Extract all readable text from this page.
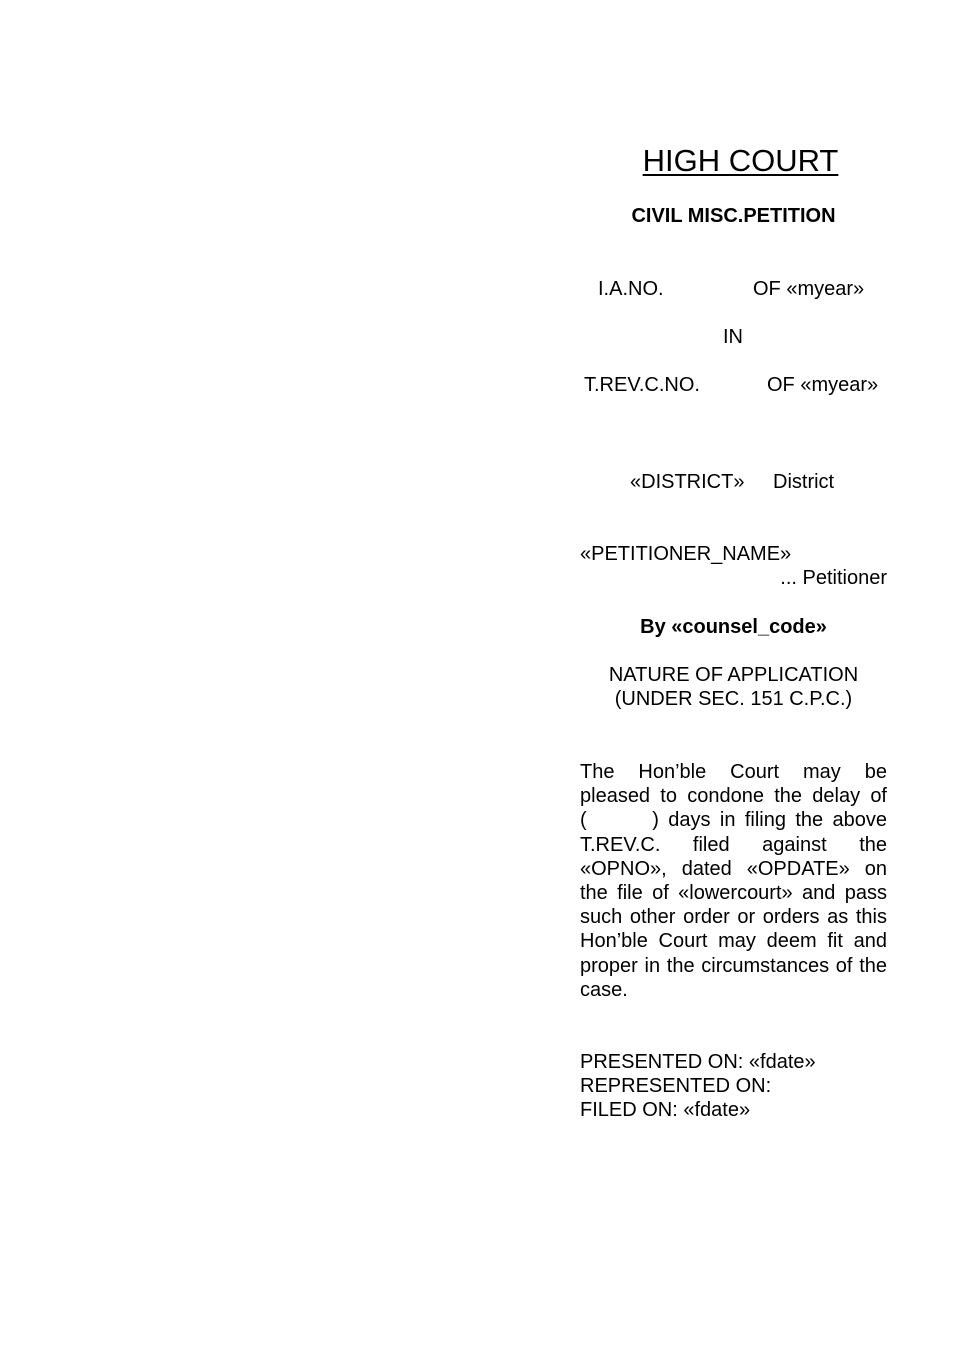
HIGH COURT
CIVIL MISC.PETITION
I.A.NO.	OF «myear»
IN
T.REV.C.NO.	OF «myear»
«DISTRICT» District
«PETITIONER_NAME»
... Petitioner
By «counsel_code»
NATURE OF APPLICATION
(UNDER SEC. 151 C.P.C.)
The Hon’ble Court may be pleased to condone the delay of (       ) days in filing the above T.REV.C. filed against the «OPNO», dated «OPDATE» on the file of «lowercourt» and pass such other order or orders as this Hon’ble Court may deem fit and proper in the circumstances of the case.
PRESENTED ON: «fdate»
REPRESENTED ON:
FILED ON: «fdate»
